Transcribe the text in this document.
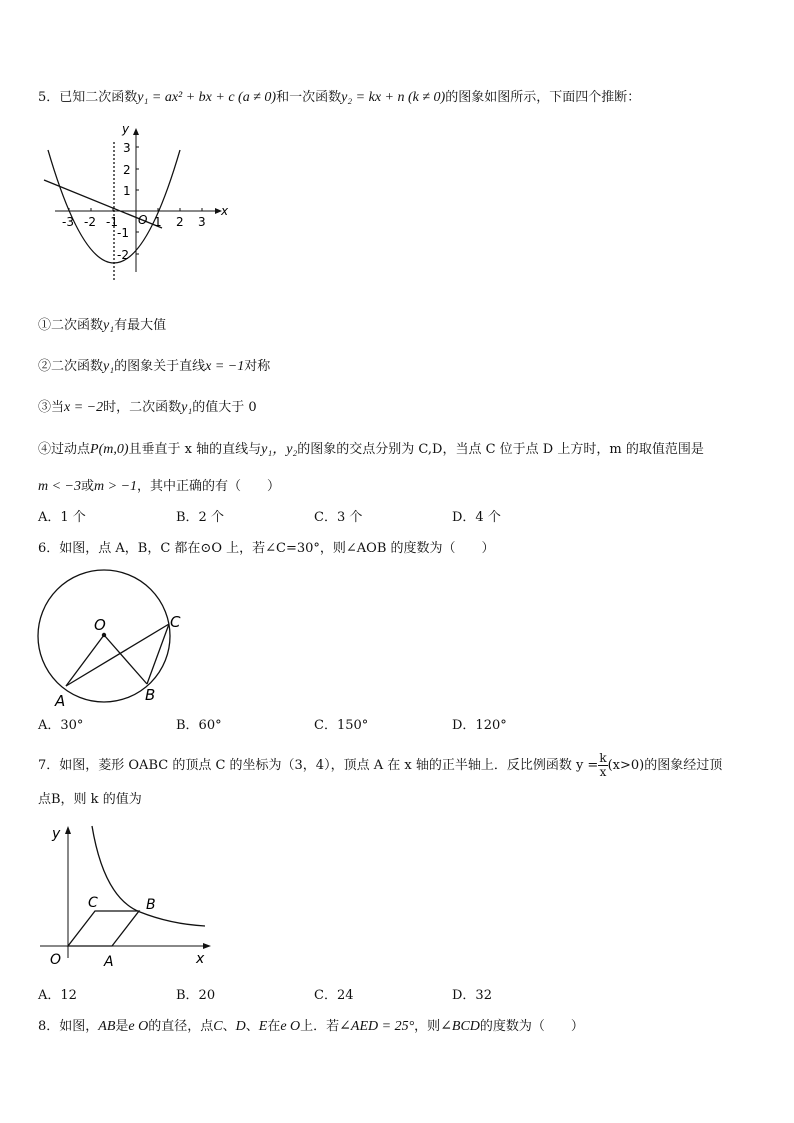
5．已知二次函数y₁ = ax² + bx + c (a ≠ 0)和一次函数y₂ = kx + n (k ≠ 0)的图象如图所示，下面四个推断：
x
y
O
-3 -2 -1	1 2 3
3
2
1
-1
-2
①二次函数y₁有最大值
②二次函数y₁的图象关于直线x = −1对称
③当x = −2时，二次函数y₁的值大于 0
④过动点P(m,0)且垂直于 x 轴的直线与y₁，y₂的图象的交点分别为 C,D，当点 C 位于点 D 上方时，m 的取值范围是
m < −3或m > −1，其中正确的有（　　）
A．1 个	B．2 个	C．3 个	D．4 个
6．如图，点 A，B，C 都在⊙O 上，若∠C=30°，则∠AOB 的度数为（　　）
O
A	B
C
A．30°	B．60°	C．150°	D．120°
7．如图，菱形 OABC 的顶点 C 的坐标为（3，4），顶点 A 在 x 轴的正半轴上．反比例函数 $y = \frac{k}{x} (x>0)$的图象经过顶
点B，则 k 的值为
y
x
O	A
B
C
A．12	B．20	C．24	D．32
8．如图，AB是e O的直径，点C、D、E在e O上．若∠AED = 25°，则∠BCD的度数为（　　）
